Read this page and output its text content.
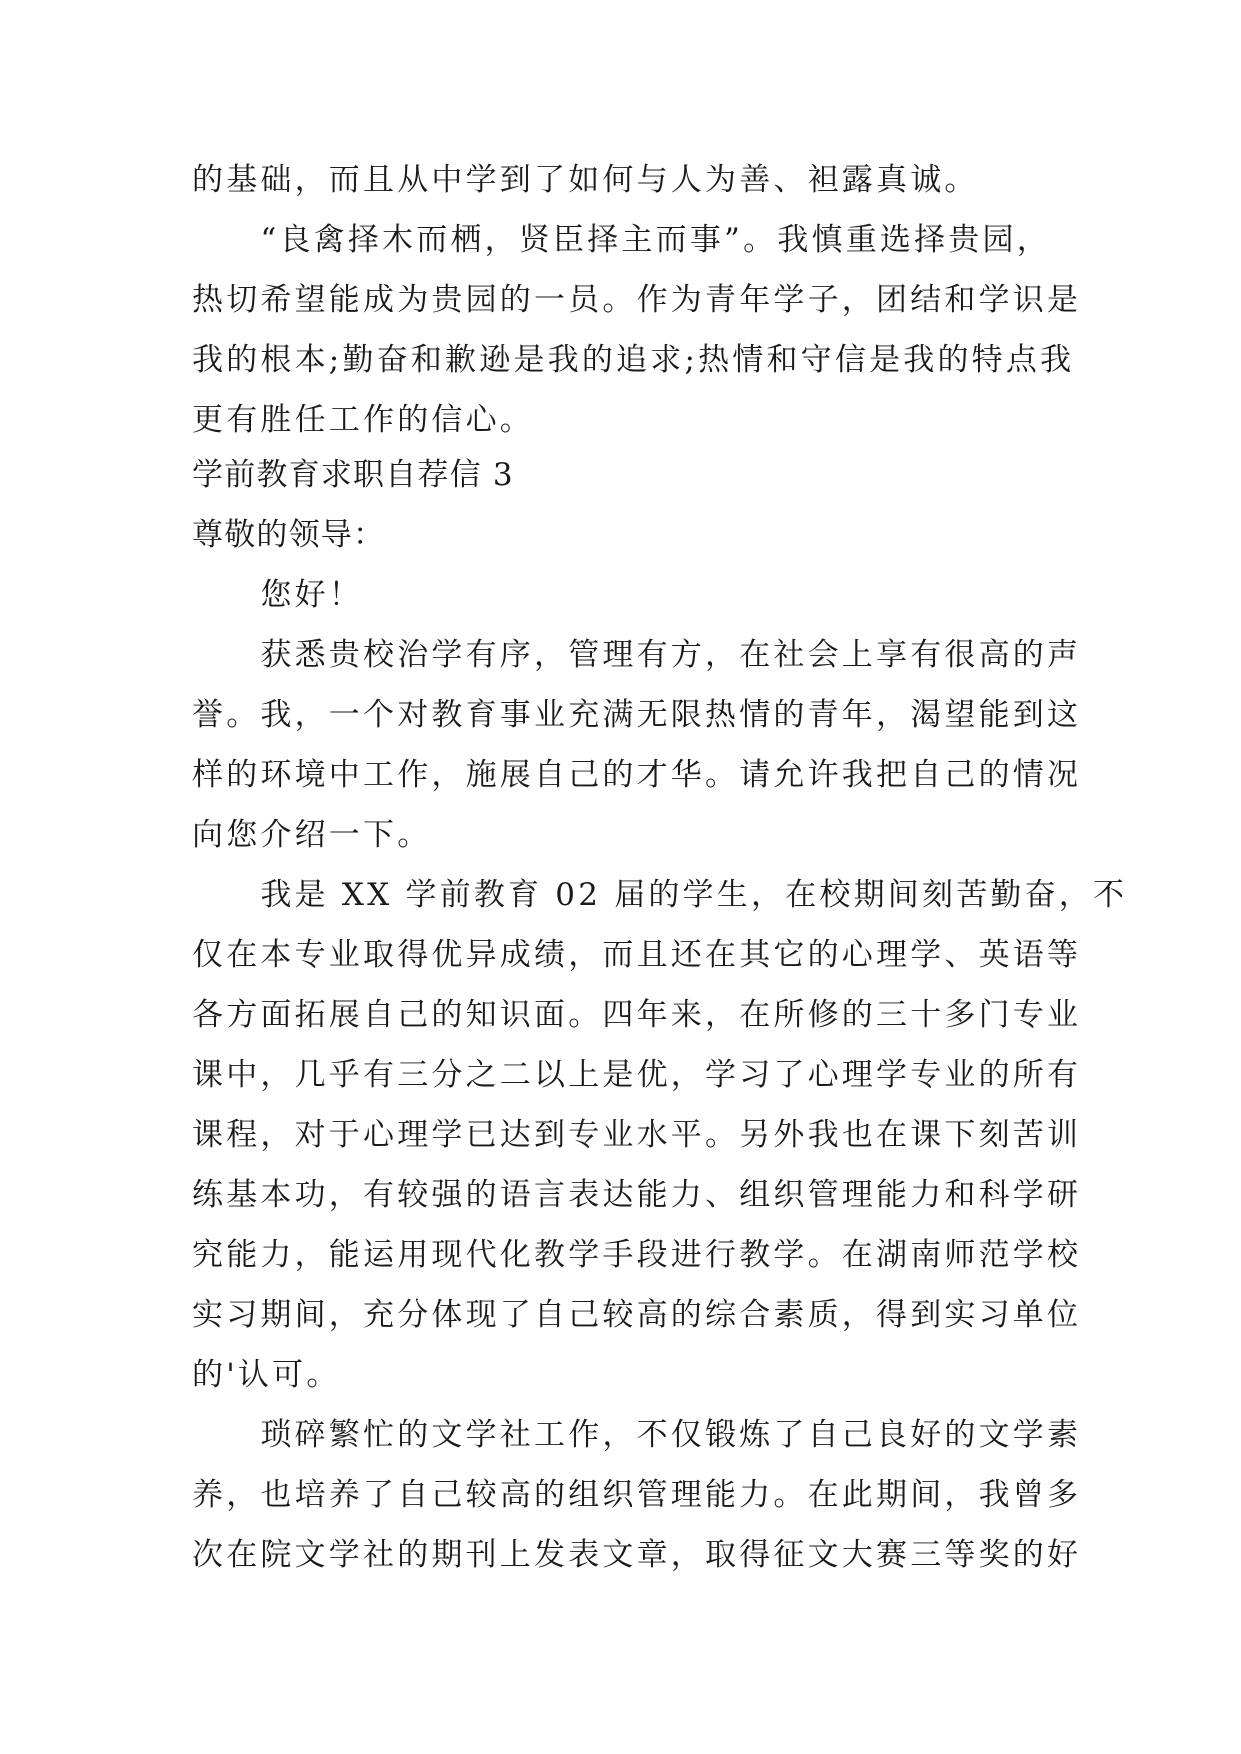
的基础，而且从中学到了如何与人为善、袒露真诚。
　　“良禽择木而栖，贤臣择主而事”。我慎重选择贵园，
热切希望能成为贵园的一员。作为青年学子，团结和学识是
我的根本;勤奋和歉逊是我的追求;热情和守信是我的特点我
更有胜任工作的信心。
学前教育求职自荐信 3
尊敬的领导：
　　您好！
　　获悉贵校治学有序，管理有方，在社会上享有很高的声
誉。我，一个对教育事业充满无限热情的青年，渴望能到这
样的环境中工作，施展自己的才华。请允许我把自己的情况
向您介绍一下。
　　我是 XX 学前教育 02 届的学生，在校期间刻苦勤奋，不
仅在本专业取得优异成绩，而且还在其它的心理学、英语等
各方面拓展自己的知识面。四年来，在所修的三十多门专业
课中，几乎有三分之二以上是优，学习了心理学专业的所有
课程，对于心理学已达到专业水平。另外我也在课下刻苦训
练基本功，有较强的语言表达能力、组织管理能力和科学研
究能力，能运用现代化教学手段进行教学。在湖南师范学校
实习期间，充分体现了自己较高的综合素质，得到实习单位
的'认可。
　　琐碎繁忙的文学社工作，不仅锻炼了自己良好的文学素
养，也培养了自己较高的组织管理能力。在此期间，我曾多
次在院文学社的期刊上发表文章，取得征文大赛三等奖的好
